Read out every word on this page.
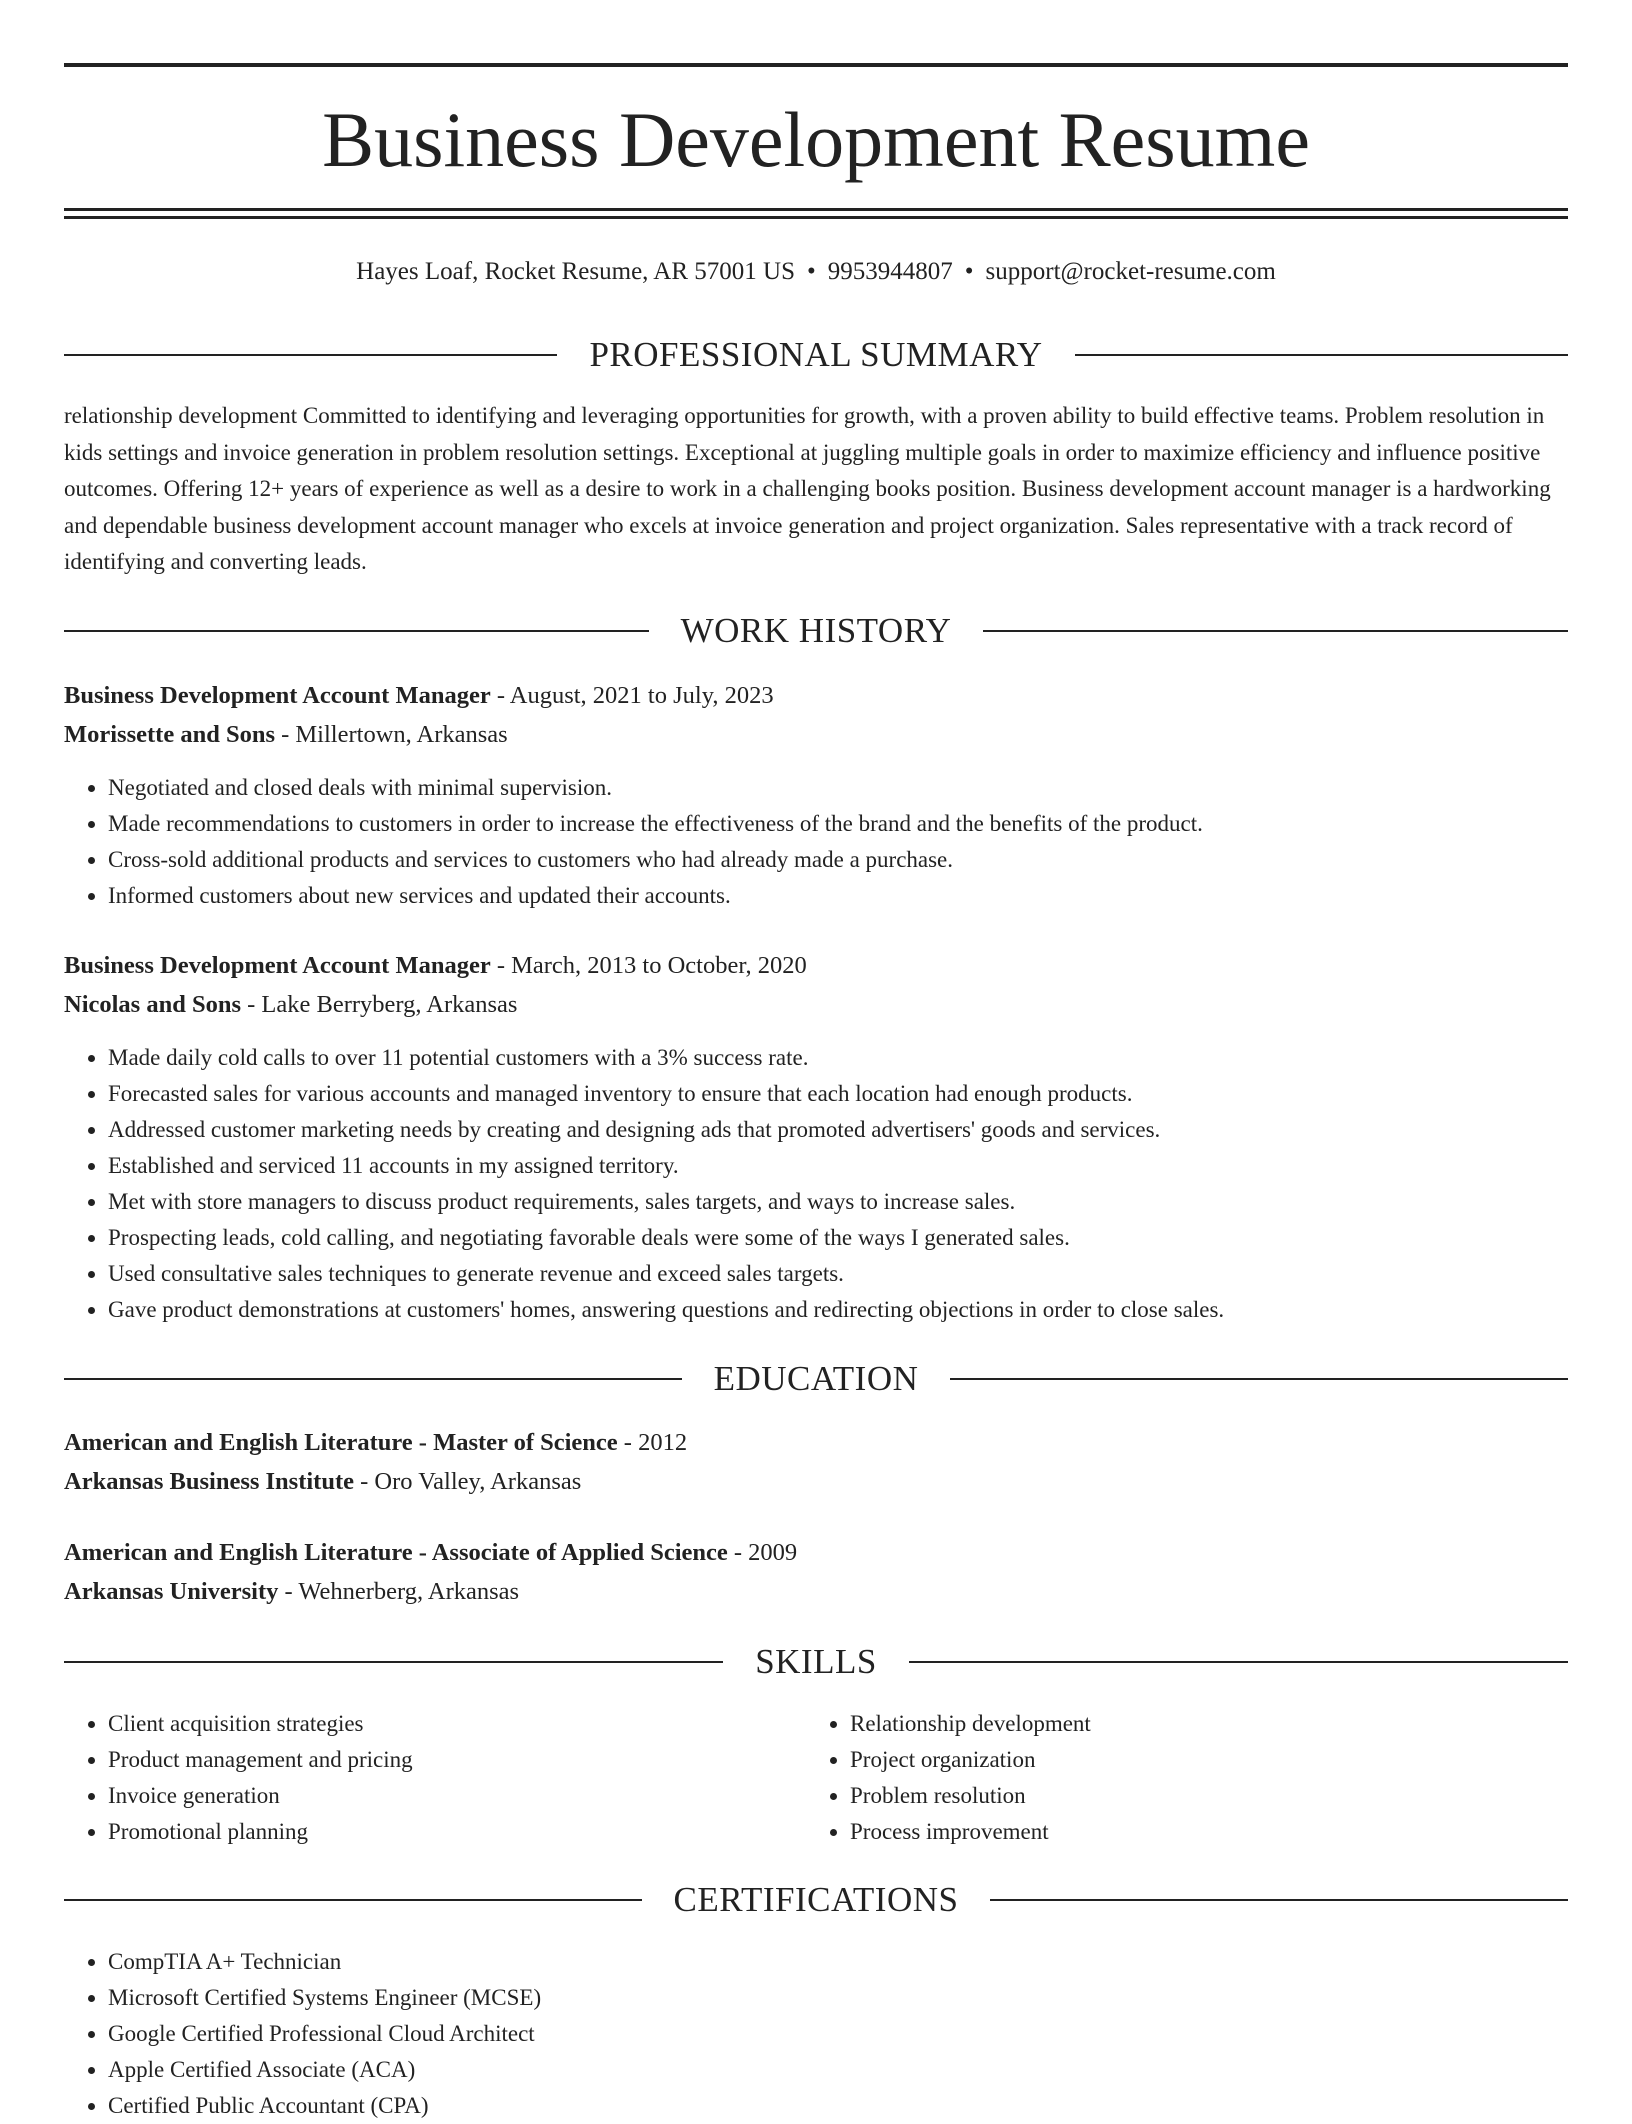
Business Development Resume
Hayes Loaf, Rocket Resume, AR 57001 US • 9953944807 • support@rocket-resume.com
PROFESSIONAL SUMMARY

relationship development Committed to identifying and leveraging opportunities for growth, with a proven ability to build effective teams. Problem resolution in kids settings and invoice generation in problem resolution settings. Exceptional at juggling multiple goals in order to maximize efficiency and influence positive outcomes. Offering 12+ years of experience as well as a desire to work in a challenging books position. Business development account manager is a hardworking and dependable business development account manager who excels at invoice generation and project organization. Sales representative with a track record of identifying and converting leads.

WORK HISTORY
Business Development Account Manager - August, 2021 to July, 2023
Morissette and Sons - Millertown, Arkansas
• Negotiated and closed deals with minimal supervision.
• Made recommendations to customers in order to increase the effectiveness of the brand and the benefits of the product.
• Cross-sold additional products and services to customers who had already made a purchase.
• Informed customers about new services and updated their accounts.
Business Development Account Manager - March, 2013 to October, 2020
Nicolas and Sons - Lake Berryberg, Arkansas
• Made daily cold calls to over 11 potential customers with a 3% success rate.
• Forecasted sales for various accounts and managed inventory to ensure that each location had enough products.
• Addressed customer marketing needs by creating and designing ads that promoted advertisers' goods and services.
• Established and serviced 11 accounts in my assigned territory.
• Met with store managers to discuss product requirements, sales targets, and ways to increase sales.
• Prospecting leads, cold calling, and negotiating favorable deals were some of the ways I generated sales.
• Used consultative sales techniques to generate revenue and exceed sales targets.
• Gave product demonstrations at customers' homes, answering questions and redirecting objections in order to close sales.
EDUCATION
American and English Literature - Master of Science - 2012
Arkansas Business Institute - Oro Valley, Arkansas
American and English Literature - Associate of Applied Science - 2009
Arkansas University - Wehnerberg, Arkansas
SKILLS
• Client acquisition strategies
• Product management and pricing
• Invoice generation
• Promotional planning
• Relationship development
• Project organization
• Problem resolution
• Process improvement
CERTIFICATIONS
• CompTIA A+ Technician
• Microsoft Certified Systems Engineer (MCSE)
• Google Certified Professional Cloud Architect
• Apple Certified Associate (ACA)
• Certified Public Accountant (CPA)
